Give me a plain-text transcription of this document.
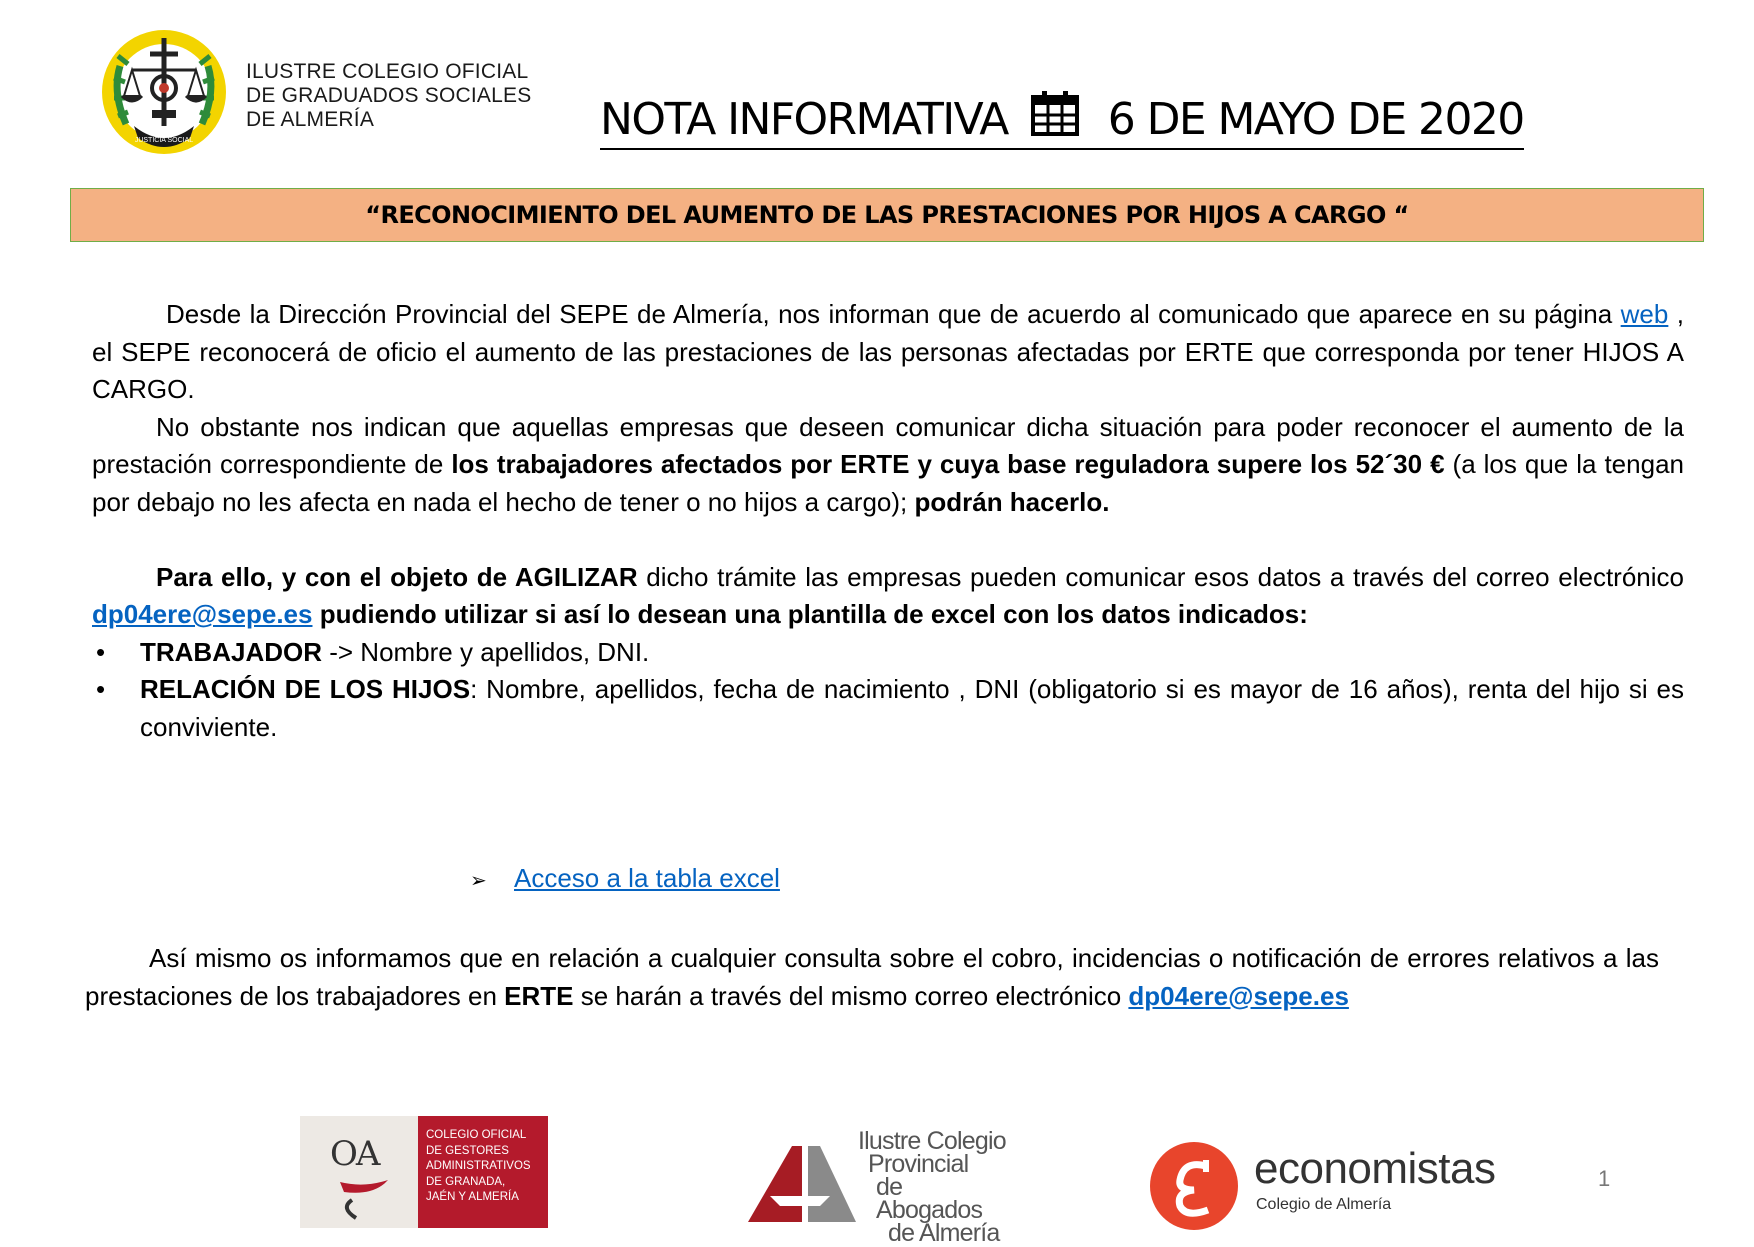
JUSTICIA SOCIAL
ILUSTRE COLEGIO OFICIAL
DE GRADUADOS SOCIALES
DE ALMERÍA	NOTA INFORMATIVA 6 DE MAYO DE 2020
“RECONOCIMIENTO DEL AUMENTO DE LAS PRESTACIONES POR HIJOS A CARGO “

Desde la Dirección Provincial del SEPE de Almería, nos informan que de acuerdo al comunicado que aparece en su página web , el SEPE reconocerá de oficio el aumento de las prestaciones de las personas afectadas por ERTE que corresponda por tener HIJOS A CARGO.

No obstante nos indican que aquellas empresas que deseen comunicar dicha situación para poder reconocer el aumento de la prestación correspondiente de los trabajadores afectados por ERTE y cuya base reguladora supere los 52´30 € (a los que la tengan por debajo no les afecta en nada el hecho de tener o no hijos a cargo); podrán hacerlo.

Para ello, y con el objeto de AGILIZAR dicho trámite las empresas pueden comunicar esos datos a través del correo electrónico dp04ere@sepe.es pudiendo utilizar si así lo desean una plantilla de excel con los datos indicados:

• TRABAJADOR -> Nombre y apellidos, DNI.

• RELACIÓN DE LOS HIJOS: Nombre, apellidos, fecha de nacimiento , DNI (obligatorio si es mayor de 16 años), renta del hijo si es conviviente.

➢ Acceso a la tabla excel

Así mismo os informamos que en relación a cualquier consulta sobre el cobro, incidencias o notificación de errores relativos a las prestaciones de los trabajadores en ERTE se harán a través del mismo correo electrónico dp04ere@sepe.es

OA	COLEGIO OFICIAL
DE GESTORES
ADMINISTRATIVOS
DE GRANADA,
JAÉN Y ALMERÍA
Ilustre Colegio
Provincial
de Abogados
de Almería
economistas
Colegio de Almería
1
